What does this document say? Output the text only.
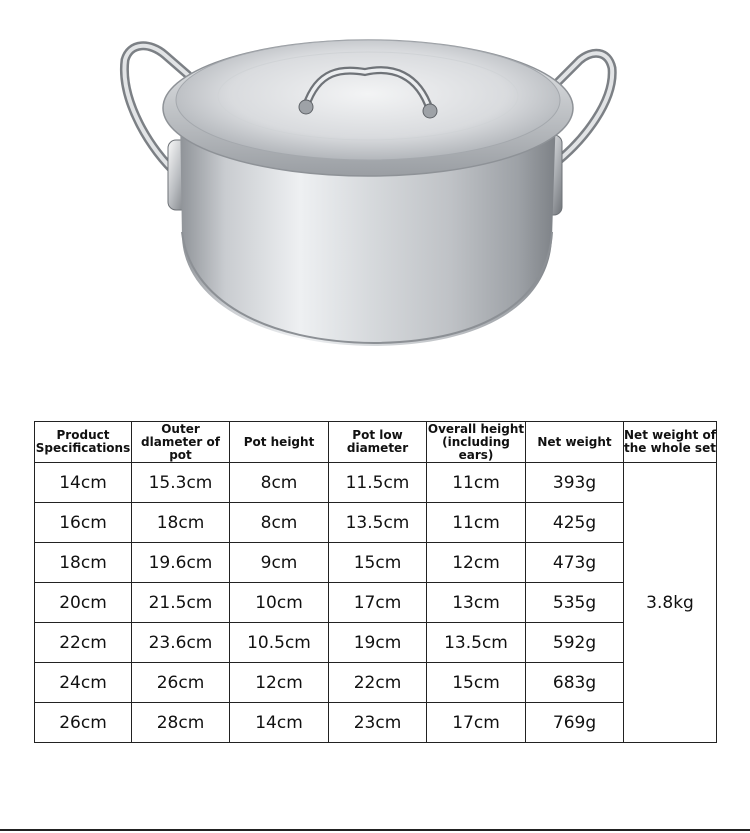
Product Specifications	Outer dlameter of pot	Pot height	Pot low diameter	Overall height (including ears)	Net weight	Net weight of the whole set
14cm	15.3cm	8cm	11.5cm	11cm	393g	3.8kg
16cm	18cm	8cm	13.5cm	11cm	425g	
18cm	19.6cm	9cm	15cm	12cm	473g	
20cm	21.5cm	10cm	17cm	13cm	535g	
22cm	23.6cm	10.5cm	19cm	13.5cm	592g	
24cm	26cm	12cm	22cm	15cm	683g	
26cm	28cm	14cm	23cm	17cm	769g	
